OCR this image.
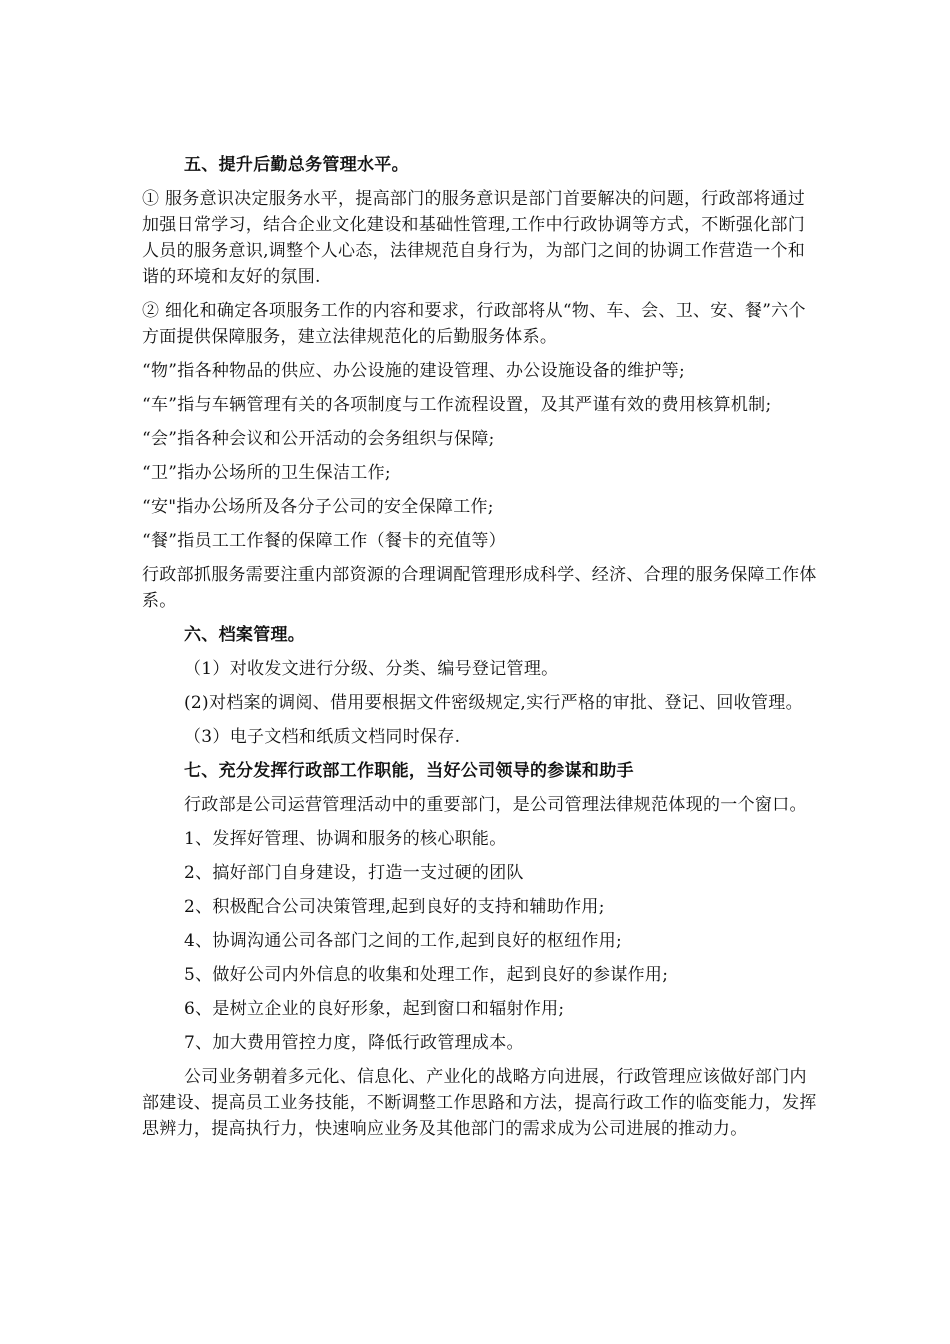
五、提升后勤总务管理水平。
① 服务意识决定服务水平，提高部门的服务意识是部门首要解决的问题，行政部将通过加强日常学习，结合企业文化建设和基础性管理,工作中行政协调等方式，不断强化部门人员的服务意识,调整个人心态，法律规范自身行为，为部门之间的协调工作营造一个和谐的环境和友好的氛围.
② 细化和确定各项服务工作的内容和要求，行政部将从“物、车、会、卫、安、餐”六个方面提供保障服务，建立法律规范化的后勤服务体系。
“物”指各种物品的供应、办公设施的建设管理、办公设施设备的维护等;
“车”指与车辆管理有关的各项制度与工作流程设置，及其严谨有效的费用核算机制;
“会”指各种会议和公开活动的会务组织与保障;
“卫”指办公场所的卫生保洁工作;
“安"指办公场所及各分子公司的安全保障工作;
“餐”指员工工作餐的保障工作（餐卡的充值等）
行政部抓服务需要注重内部资源的合理调配管理形成科学、经济、合理的服务保障工作体系。
六、档案管理。
（1）对收发文进行分级、分类、编号登记管理。
(2)对档案的调阅、借用要根据文件密级规定,实行严格的审批、登记、回收管理。
（3）电子文档和纸质文档同时保存.
七、充分发挥行政部工作职能，当好公司领导的参谋和助手
行政部是公司运营管理活动中的重要部门，是公司管理法律规范体现的一个窗口。
1、发挥好管理、协调和服务的核心职能。
2、搞好部门自身建设，打造一支过硬的团队
2、积极配合公司决策管理,起到良好的支持和辅助作用;
4、协调沟通公司各部门之间的工作,起到良好的枢纽作用;
5、做好公司内外信息的收集和处理工作，起到良好的参谋作用;
6、是树立企业的良好形象，起到窗口和辐射作用;
7、加大费用管控力度，降低行政管理成本。
公司业务朝着多元化、信息化、产业化的战略方向进展，行政管理应该做好部门内部建设、提高员工业务技能，不断调整工作思路和方法，提高行政工作的临变能力，发挥思辨力，提高执行力，快速响应业务及其他部门的需求成为公司进展的推动力。
